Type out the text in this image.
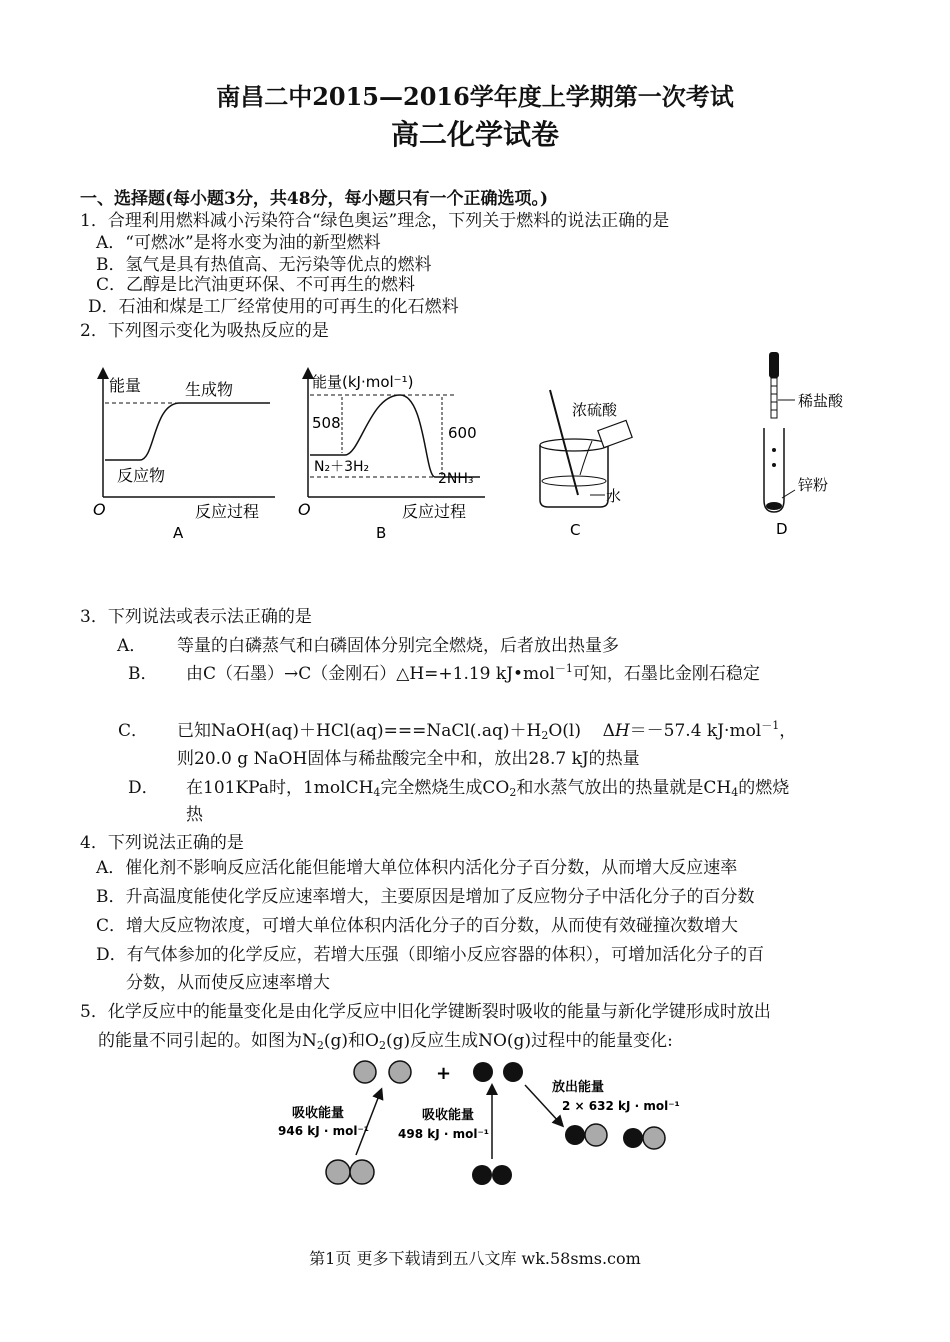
南昌二中2015—2016学年度上学期第一次考试
高二化学试卷
一、选择题(每小题3分，共48分，每小题只有一个正确选项。)
1．合理利用燃料减小污染符合“绿色奥运”理念，下列关于燃料的说法正确的是
A．“可燃冰”是将水变为油的新型燃料
B．氢气是具有热值高、无污染等优点的燃料
C．乙醇是比汽油更环保、不可再生的燃料
D．石油和煤是工厂经常使用的可再生的化石燃料
2．下列图示变化为吸热反应的是
能量	生成物
反应物
O	反应过程
A
能量(kJ·mol⁻¹)
508
600
N₂＋3H₂
2NH₃
O	反应过程
B
浓硫酸
水
C
稀盐酸
锌粉
D
3．下列说法或表示法正确的是
A． 等量的白磷蒸气和白磷固体分别完全燃烧，后者放出热量多
B． 由C（石墨）→C（金刚石）△H=+1.19 kJ•mol$^{-1}$可知，石墨比金刚石稳定
C． 已知$NaOH(aq)+HCl(aq)===NaCl(.aq)+H_2O(l)$    ΔH＝－57.4 kJ·mol$^{-1}$，
则20.0 g NaOH固体与稀盐酸完全中和，放出28.7 kJ的热量
D． 在101KPa时，1molCH$_4$完全燃烧生成$CO_2$和水蒸气放出的热量就是$CH_4$的燃烧
热
4．下列说法正确的是
A．催化剂不影响反应活化能但能增大单位体积内活化分子百分数，从而增大反应速率
B．升高温度能使化学反应速率增大，主要原因是增加了反应物分子中活化分子的百分数
C．增大反应物浓度，可增大单位体积内活化分子的百分数，从而使有效碰撞次数增大
D．有气体参加的化学反应，若增大压强（即缩小反应容器的体积），可增加活化分子的百
分数，从而使反应速率增大
5．化学反应中的能量变化是由化学反应中旧化学键断裂时吸收的能量与新化学键形成时放出
的能量不同引起的。如图为$N_2(g)$和$O_2(g)$反应生成NO(g)过程中的能量变化:
+
吸收能量
946 kJ · mol⁻¹
吸收能量
498 kJ · mol⁻¹
放出能量
2 × 632 kJ · mol⁻¹
第1页 更多下载请到五八文库 wk.58sms.com
